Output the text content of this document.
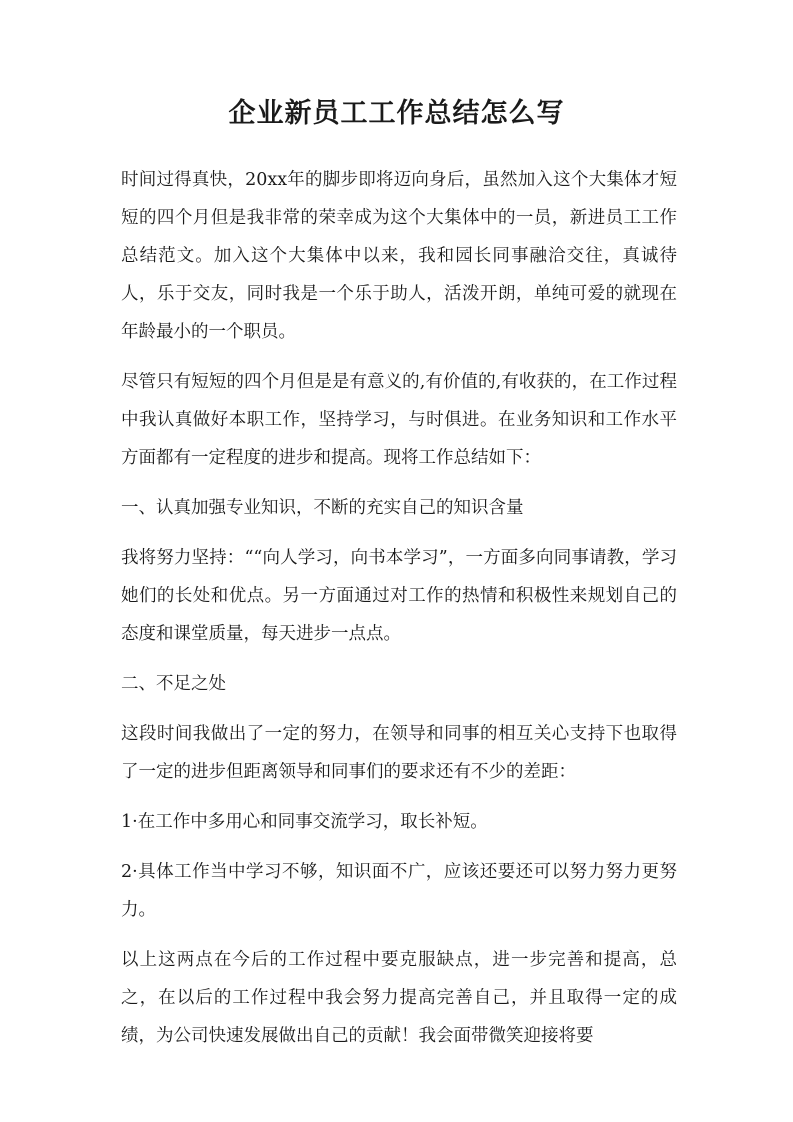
企业新员工工作总结怎么写

时间过得真快，20xx年的脚步即将迈向身后，虽然加入这个大集体才短短的四个月但是我非常的荣幸成为这个大集体中的一员，新进员工工作总结范文。加入这个大集体中以来，我和园长同事融洽交往，真诚待人，乐于交友，同时我是一个乐于助人，活泼开朗，单纯可爱的就现在年龄最小的一个职员。

尽管只有短短的四个月但是是有意义的,有价值的,有收获的，在工作过程中我认真做好本职工作，坚持学习，与时俱进。在业务知识和工作水平方面都有一定程度的进步和提高。现将工作总结如下：

一、认真加强专业知识，不断的充实自己的知识含量

我将努力坚持：““向人学习，向书本学习”，一方面多向同事请教，学习她们的长处和优点。另一方面通过对工作的热情和积极性来规划自己的态度和课堂质量，每天进步一点点。

二、不足之处

这段时间我做出了一定的努力，在领导和同事的相互关心支持下也取得了一定的进步但距离领导和同事们的要求还有不少的差距：

1·在工作中多用心和同事交流学习，取长补短。

2·具体工作当中学习不够，知识面不广，应该还要还可以努力努力更努力。

以上这两点在今后的工作过程中要克服缺点，进一步完善和提高，总之，在以后的工作过程中我会努力提高完善自己，并且取得一定的成绩，为公司快速发展做出自己的贡献！我会面带微笑迎接将要
